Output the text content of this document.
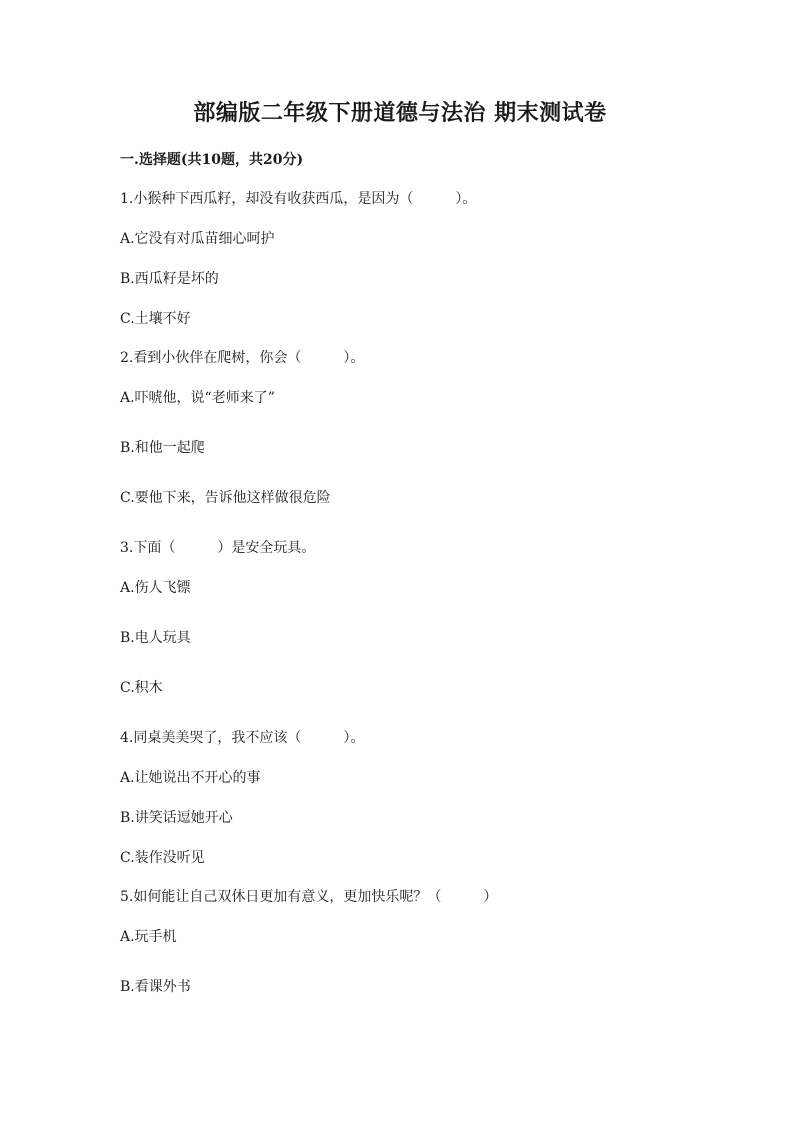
部编版二年级下册道德与法治 期末测试卷
一.选择题(共10题，共20分)
1.小猴种下西瓜籽，却没有收获西瓜，是因为（　　　）。
A.它没有对瓜苗细心呵护
B.西瓜籽是坏的
C.土壤不好
2.看到小伙伴在爬树，你会（　　　）。
A.吓唬他，说“老师来了”
B.和他一起爬
C.要他下来，告诉他这样做很危险
3.下面（　　　）是安全玩具。
A.伤人飞镖
B.电人玩具
C.积木
4.同桌美美哭了，我不应该（　　　）。
A.让她说出不开心的事
B.讲笑话逗她开心
C.装作没听见
5.如何能让自己双休日更加有意义，更加快乐呢？（　　　）
A.玩手机
B.看课外书
